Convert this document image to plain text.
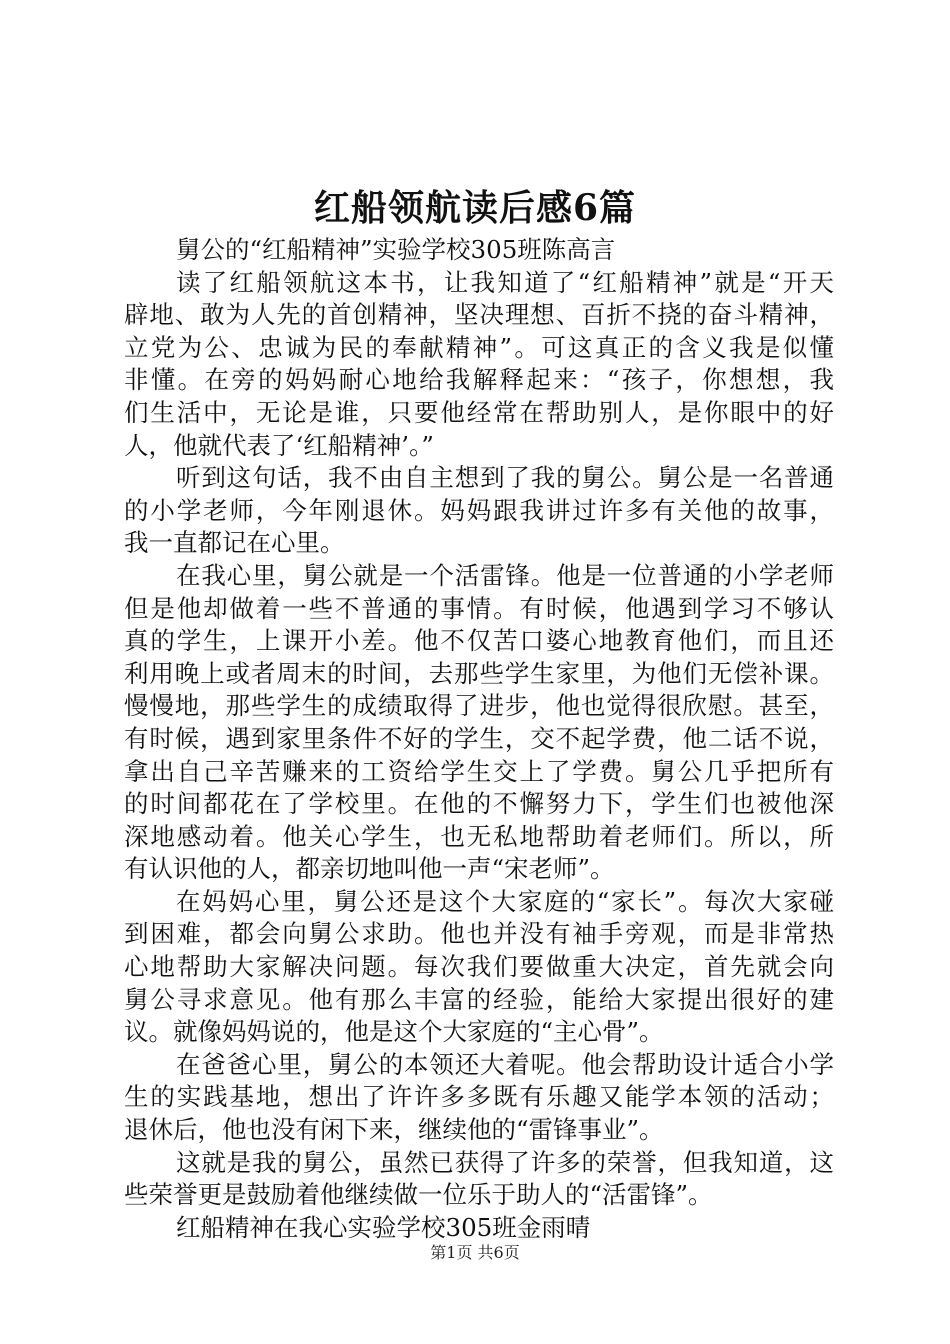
红船领航读后感6篇
舅公的“红船精神”实验学校305班陈高言
读了红船领航这本书，让我知道了“红船精神”就是“开天
辟地、敢为人先的首创精神，坚决理想、百折不挠的奋斗精神，
立党为公、忠诚为民的奉献精神”。可这真正的含义我是似懂
非懂。在旁的妈妈耐心地给我解释起来：“孩子，你想想，我
们生活中，无论是谁，只要他经常在帮助别人，是你眼中的好
人，他就代表了‘红船精神’。”
听到这句话，我不由自主想到了我的舅公。舅公是一名普通
的小学老师，今年刚退休。妈妈跟我讲过许多有关他的故事，
我一直都记在心里。
在我心里，舅公就是一个活雷锋。他是一位普通的小学老师
但是他却做着一些不普通的事情。有时候，他遇到学习不够认
真的学生，上课开小差。他不仅苦口婆心地教育他们，而且还
利用晚上或者周末的时间，去那些学生家里，为他们无偿补课。
慢慢地，那些学生的成绩取得了进步，他也觉得很欣慰。甚至，
有时候，遇到家里条件不好的学生，交不起学费，他二话不说，
拿出自己辛苦赚来的工资给学生交上了学费。舅公几乎把所有
的时间都花在了学校里。在他的不懈努力下，学生们也被他深
深地感动着。他关心学生，也无私地帮助着老师们。所以，所
有认识他的人，都亲切地叫他一声“宋老师”。
在妈妈心里，舅公还是这个大家庭的“家长”。每次大家碰
到困难，都会向舅公求助。他也并没有袖手旁观，而是非常热
心地帮助大家解决问题。每次我们要做重大决定，首先就会向
舅公寻求意见。他有那么丰富的经验，能给大家提出很好的建
议。就像妈妈说的，他是这个大家庭的“主心骨”。
在爸爸心里，舅公的本领还大着呢。他会帮助设计适合小学
生的实践基地，想出了许许多多既有乐趣又能学本领的活动；
退休后，他也没有闲下来，继续他的“雷锋事业”。
这就是我的舅公，虽然已获得了许多的荣誉，但我知道，这
些荣誉更是鼓励着他继续做一位乐于助人的“活雷锋”。
红船精神在我心实验学校305班金雨晴
第1页 共6页
